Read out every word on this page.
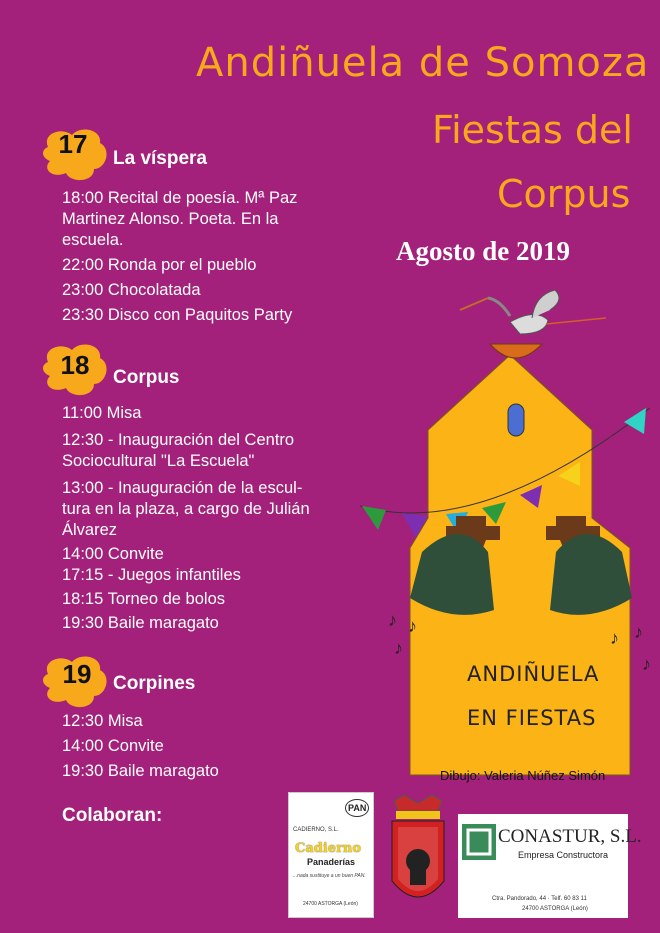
Andiñuela de Somoza
Fiestas del
Corpus
Agosto de 2019
17	La víspera
18:00 Recital de poesía. Mª Paz
Martinez Alonso. Poeta. En la
escuela.
22:00 Ronda por el pueblo
23:00 Chocolatada
23:30 Disco con Paquitos Party
18	Corpus
11:00 Misa
12:30 - Inauguración del Centro
Sociocultural "La Escuela"
13:00 - Inauguración de la escul-
tura en la plaza, a cargo de Julián
Álvarez
14:00 Convite
17:15 - Juegos infantiles
18:15 Torneo de bolos
19:30 Baile maragato
19	Corpines
12:30 Misa
14:00 Convite
19:30 Baile maragato
♪ ♪
♪	♪ ♪
♪
ANDIÑUELA
EN FIESTAS
Dibujo: Valeria Núñez Simón
Colaboran:	PAN
CADIERNO, S.L.
Cadierno
Panaderías
...nada sustituye a un buen PAN.
24700 ASTORGA (León)
CONASTUR, S.L.
Empresa Constructora
Ctra. Pandorado, 44 · Telf. 60 83 11
24700 ASTORGA (León)
